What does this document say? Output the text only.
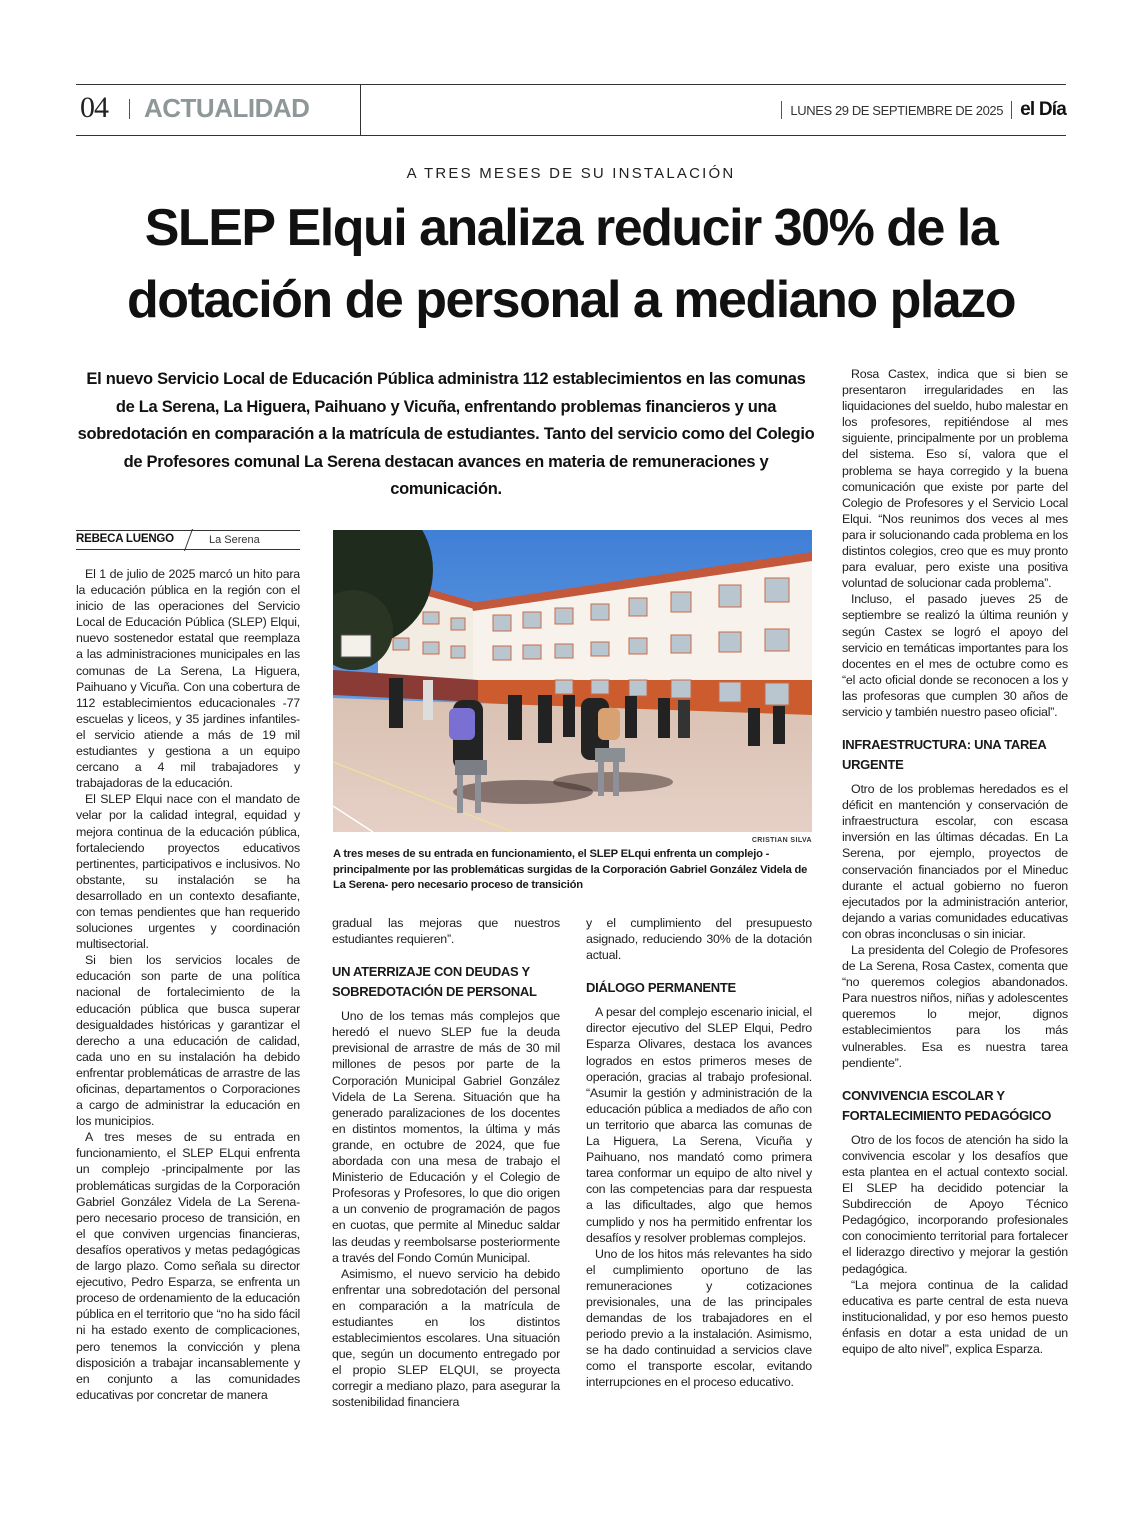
04 ACTUALIDAD	LUNES 29 DE SEPTIEMBRE DE 2025 el Día
A TRES MESES DE SU INSTALACIÓN
SLEP Elqui analiza reducir 30% de la
dotación de personal a mediano plazo
El nuevo Servicio Local de Educación Pública administra 112 establecimientos en las comunas de La Serena, La Higuera, Paihuano y Vicuña, enfrentando problemas financieros y una sobredotación en comparación a la matrícula de estudiantes. Tanto del servicio como del Colegio de Profesores comunal La Serena destacan avances en materia de remuneraciones y comunicación.
REBECA LUENGO	La Serena

El 1 de julio de 2025 marcó un hito para la educación pública en la región con el inicio de las operaciones del Servicio Local de Educación Pública (SLEP) Elqui, nuevo sostenedor estatal que reemplaza a las administraciones municipales en las comunas de La Serena, La Higuera, Paihuano y Vicuña. Con una cobertura de 112 establecimientos educacionales -77 escuelas y liceos, y 35 jardines infantiles- el servicio atiende a más de 19 mil estudiantes y gestiona a un equipo cercano a 4 mil trabajadores y trabajadoras de la educación.

El SLEP Elqui nace con el mandato de velar por la calidad integral, equidad y mejora continua de la educación pública, fortaleciendo proyectos educativos pertinentes, participativos e inclusivos. No obstante, su instalación se ha desarrollado en un contexto desafiante, con temas pendientes que han requerido soluciones urgentes y coordinación multisectorial.

Si bien los servicios locales de educación son parte de una política nacional de fortalecimiento de la educación pública que busca superar desigualdades históricas y garantizar el derecho a una educación de calidad, cada uno en su instalación ha debido enfrentar problemáticas de arrastre de las oficinas, departamentos o Corporaciones a cargo de administrar la educación en los municipios.

A tres meses de su entrada en funcionamiento, el SLEP ELqui enfrenta un complejo -principalmente por las problemáticas surgidas de la Corporación Gabriel González Videla de La Serena- pero necesario proceso de transición, en el que conviven urgencias financieras, desafíos operativos y metas pedagógicas de largo plazo. Como señala su director ejecutivo, Pedro Esparza, se enfrenta un proceso de ordenamiento de la educación pública en el territorio que “no ha sido fácil ni ha estado exento de complicaciones, pero tenemos la convicción y plena disposición a trabajar incansablemente y en conjunto a las comunidades educativas por concretar de manera

CRISTIAN SILVA
A tres meses de su entrada en funcionamiento, el SLEP ELqui enfrenta un complejo -principalmente por las problemáticas surgidas de la Corporación Gabriel González Videla de La Serena- pero necesario proceso de transición

gradual las mejoras que nuestros estudiantes requieren”.

UN ATERRIZAJE CON DEUDAS Y SOBREDOTACIÓN DE PERSONAL

Uno de los temas más complejos que heredó el nuevo SLEP fue la deuda previsional de arrastre de más de 30 mil millones de pesos por parte de la Corporación Municipal Gabriel González Videla de La Serena. Situación que ha generado paralizaciones de los docentes en distintos momentos, la última y más grande, en octubre de 2024, que fue abordada con una mesa de trabajo el Ministerio de Educación y el Colegio de Profesoras y Profesores, lo que dio origen a un convenio de programación de pagos en cuotas, que permite al Mineduc saldar las deudas y reembolsarse posteriormente a través del Fondo Común Municipal.

Asimismo, el nuevo servicio ha debido enfrentar una sobredotación del personal en comparación a la matrícula de estudiantes en los distintos establecimientos escolares. Una situación que, según un documento entregado por el propio SLEP ELQUI, se proyecta corregir a mediano plazo, para asegurar la sostenibilidad financiera

y el cumplimiento del presupuesto asignado, reduciendo 30% de la dotación actual.

DIÁLOGO PERMANENTE

A pesar del complejo escenario inicial, el director ejecutivo del SLEP Elqui, Pedro Esparza Olivares, destaca los avances logrados en estos primeros meses de operación, gracias al trabajo profesional. “Asumir la gestión y administración de la educación pública a mediados de año con un territorio que abarca las comunas de La Higuera, La Serena, Vicuña y Paihuano, nos mandató como primera tarea conformar un equipo de alto nivel y con las competencias para dar respuesta a las dificultades, algo que hemos cumplido y nos ha permitido enfrentar los desafíos y resolver problemas complejos.

Uno de los hitos más relevantes ha sido el cumplimiento oportuno de las remuneraciones y cotizaciones previsionales, una de las principales demandas de los trabajadores en el periodo previo a la instalación. Asimismo, se ha dado continuidad a servicios clave como el transporte escolar, evitando interrupciones en el proceso educativo.

Rosa Castex, indica que si bien se presentaron irregularidades en las liquidaciones del sueldo, hubo malestar en los profesores, repitiéndose al mes siguiente, principalmente por un problema del sistema. Eso sí, valora que el problema se haya corregido y la buena comunicación que existe por parte del Colegio de Profesores y el Servicio Local Elqui. “Nos reunimos dos veces al mes para ir solucionando cada problema en los distintos colegios, creo que es muy pronto para evaluar, pero existe una positiva voluntad de solucionar cada problema”.

Incluso, el pasado jueves 25 de septiembre se realizó la última reunión y según Castex se logró el apoyo del servicio en temáticas importantes para los docentes en el mes de octubre como es “el acto oficial donde se reconocen a los y las profesoras que cumplen 30 años de servicio y también nuestro paseo oficial”.

INFRAESTRUCTURA: UNA TAREA URGENTE

Otro de los problemas heredados es el déficit en mantención y conservación de infraestructura escolar, con escasa inversión en las últimas décadas. En La Serena, por ejemplo, proyectos de conservación financiados por el Mineduc durante el actual gobierno no fueron ejecutados por la administración anterior, dejando a varias comunidades educativas con obras inconclusas o sin iniciar.

La presidenta del Colegio de Profesores de La Serena, Rosa Castex, comenta que “no queremos colegios abandonados. Para nuestros niños, niñas y adolescentes queremos lo mejor, dignos establecimientos para los más vulnerables. Esa es nuestra tarea pendiente”.

CONVIVENCIA ESCOLAR Y FORTALECIMIENTO PEDAGÓGICO

Otro de los focos de atención ha sido la convivencia escolar y los desafíos que esta plantea en el actual contexto social. El SLEP ha decidido potenciar la Subdirección de Apoyo Técnico Pedagógico, incorporando profesionales con conocimiento territorial para fortalecer el liderazgo directivo y mejorar la gestión pedagógica.

“La mejora continua de la calidad educativa es parte central de esta nueva institucionalidad, y por eso hemos puesto énfasis en dotar a esta unidad de un equipo de alto nivel”, explica Esparza.
